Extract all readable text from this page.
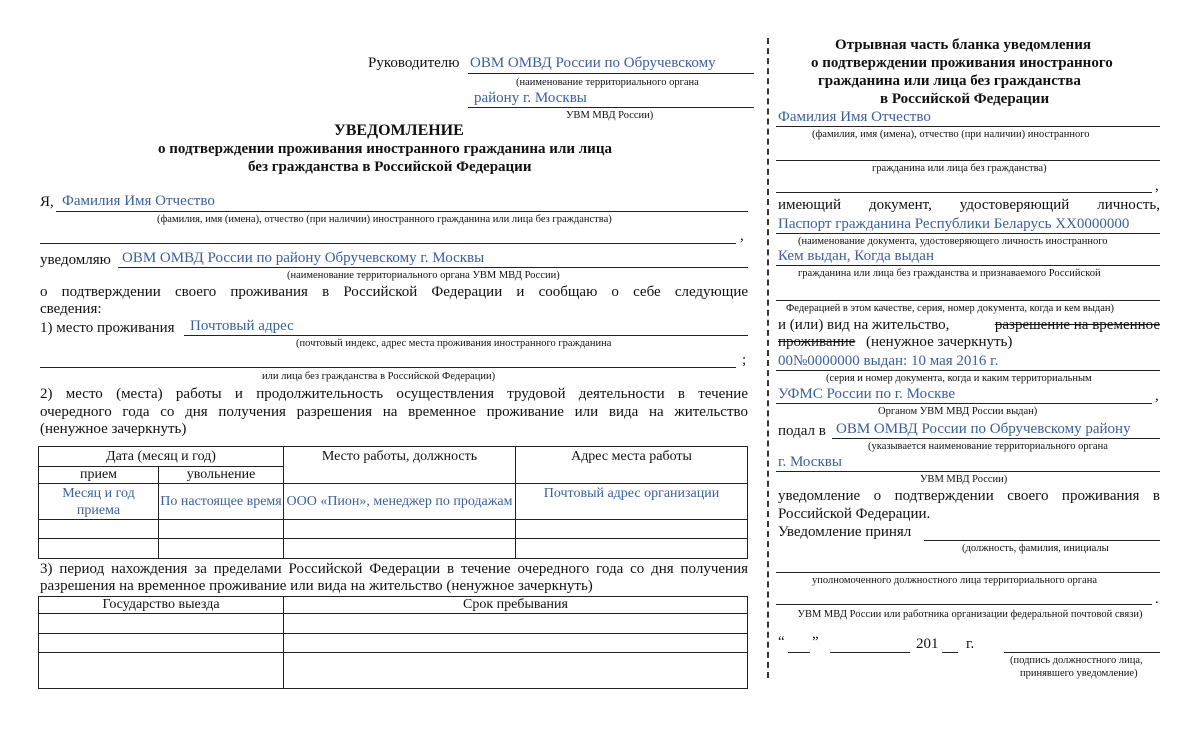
Руководителю ОВМ ОМВД России по Обручевскому
(наименование территориального органа
району г. Москвы
УВМ МВД России)
УВЕДОМЛЕНИЕ
о подтверждении проживания иностранного гражданина или лица
без гражданства в Российской Федерации
Я, Фамилия Имя Отчество
(фамилия, имя (имена), отчество (при наличии) иностранного гражданина или лица без гражданства)
,
уведомляю ОВМ ОМВД России по району Обручевскому г. Москвы
(наименование территориального органа УВМ МВД России)
о подтверждении своего проживания в Российской Федерации и сообщаю о себе следующие
сведения:
1) место проживания Почтовый адрес
(почтовый индекс, адрес места проживания иностранного гражданина
;
или лица без гражданства в Российской Федерации)
2) место (места) работы и продолжительность осуществления трудовой деятельности в течение
очередного года со дня получения разрешения на временное проживание или вида на жительство
(ненужное зачеркнуть)
Дата (месяц и год)		Место работы, должность	Адрес места работы
прием	увольнение		
Месяц и год приема	По настоящее время	ООО «Пион», менеджер по продажам	Почтовый адрес организации

3) период нахождения за пределами Российской Федерации в течение очередного года со дня получения
разрешения на временное проживание или вида на жительство (ненужное зачеркнуть)
Государство выезда	Срок пребывания

Отрывная часть бланка уведомления
о подтверждении проживания иностранного
гражданина или лица без гражданства
в Российской Федерации
Фамилия Имя Отчество
(фамилия, имя (имена), отчество (при наличии) иностранного
гражданина или лица без гражданства)
,
имеющий документ, удостоверяющий личность,
Паспорт гражданина Республики Беларусь ХХ0000000
(наименование документа, удостоверяющего личность иностранного
Кем выдан, Когда выдан
гражданина или лица без гражданства и признаваемого Российской
Федерацией в этом качестве, серия, номер документа, когда и кем выдан)
и (или) вид на жительство,	разрешение на временное
проживание (ненужное зачеркнуть)
00№0000000 выдан: 10 мая 2016 г.
(серия и номер документа, когда и каким территориальным
УФМС России по г. Москве	,
Органом УВМ МВД России выдан)
подал в ОВМ ОМВД России по Обручевскому району
(указывается наименование территориального органа
г. Москвы
УВМ МВД России)
уведомление о подтверждении своего проживания в
Российской Федерации.
Уведомление принял
(должность, фамилия, инициалы
уполномоченного должностного лица территориального органа
.
УВМ МВД России или работника организации федеральной почтовой связи)
“ ”	201 г.
(подпись должностного лица,
принявшего уведомление)
